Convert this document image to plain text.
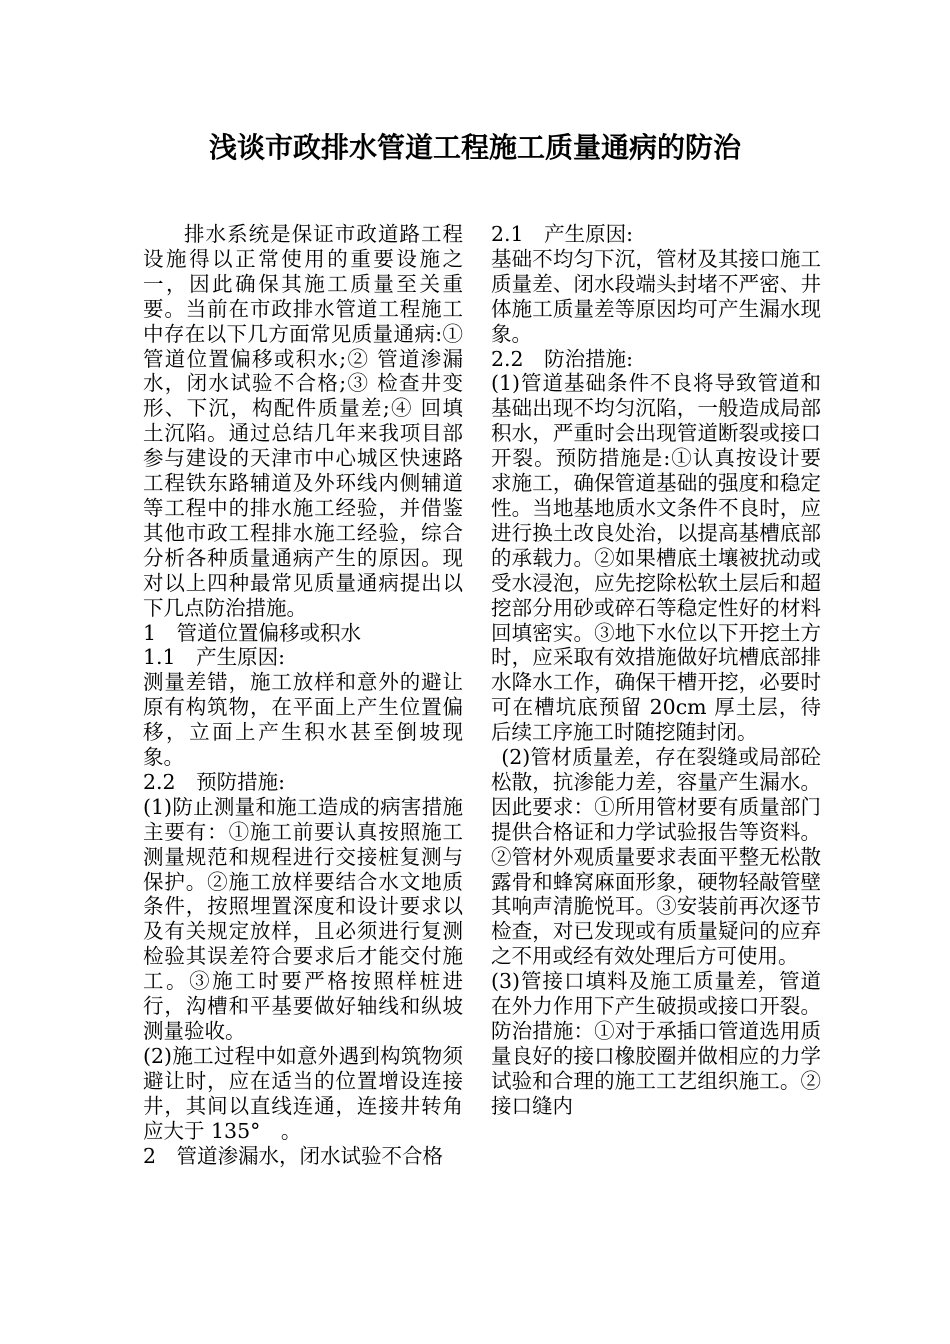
浅谈市政排水管道工程施工质量通病的防治

排水系统是保证市政道路工程设施得以正常使用的重要设施之一，因此确保其施工质量至关重要。当前在市政排水管道工程施工中存在以下几方面常见质量通病:① 管道位置偏移或积水;② 管道渗漏水，闭水试验不合格;③ 检查井变形、下沉，构配件质量差;④ 回填土沉陷。通过总结几年来我项目部参与建设的天津市中心城区快速路工程铁东路辅道及外环线内侧辅道等工程中的排水施工经验，并借鉴其他市政工程排水施工经验，综合分析各种质量通病产生的原因。现对以上四种最常见质量通病提出以下几点防治措施。

1　管道位置偏移或积水

1.1　产生原因:

测量差错，施工放样和意外的避让原有构筑物，在平面上产生位置偏移，立面上产生积水甚至倒坡现象。

2.2　预防措施:

(1)防止测量和施工造成的病害措施主要有：①施工前要认真按照施工测量规范和规程进行交接桩复测与保护。②施工放样要结合水文地质条件，按照埋置深度和设计要求以及有关规定放样，且必须进行复测检验其误差符合要求后才能交付施工。③施工时要严格按照样桩进行，沟槽和平基要做好轴线和纵坡测量验收。

(2)施工过程中如意外遇到构筑物须避让时，应在适当的位置增设连接井，其间以直线连通，连接井转角应大于 135°　。

2　管道渗漏水，闭水试验不合格

2.1　产生原因:

基础不均匀下沉，管材及其接口施工质量差、闭水段端头封堵不严密、井体施工质量差等原因均可产生漏水现象。

2.2　防治措施:

(1)管道基础条件不良将导致管道和基础出现不均匀沉陷，一般造成局部积水，严重时会出现管道断裂或接口开裂。预防措施是:①认真按设计要求施工，确保管道基础的强度和稳定性。当地基地质水文条件不良时，应进行换土改良处治，以提高基槽底部的承载力。②如果槽底土壤被扰动或受水浸泡，应先挖除松软土层后和超挖部分用砂或碎石等稳定性好的材料回填密实。③地下水位以下开挖土方时，应采取有效措施做好坑槽底部排水降水工作，确保干槽开挖，必要时可在槽坑底预留 20cm 厚土层，待后续工序施工时随挖随封闭。

(2)管材质量差，存在裂缝或局部砼松散，抗渗能力差，容量产生漏水。因此要求：①所用管材要有质量部门提供合格证和力学试验报告等资料。②管材外观质量要求表面平整无松散露骨和蜂窝麻面形象，硬物轻敲管壁其响声清脆悦耳。③安装前再次逐节检查，对已发现或有质量疑问的应弃之不用或经有效处理后方可使用。

(3)管接口填料及施工质量差，管道在外力作用下产生破损或接口开裂。防治措施：①对于承插口管道选用质量良好的接口橡胶圈并做相应的力学试验和合理的施工工艺组织施工。②接口缝内
